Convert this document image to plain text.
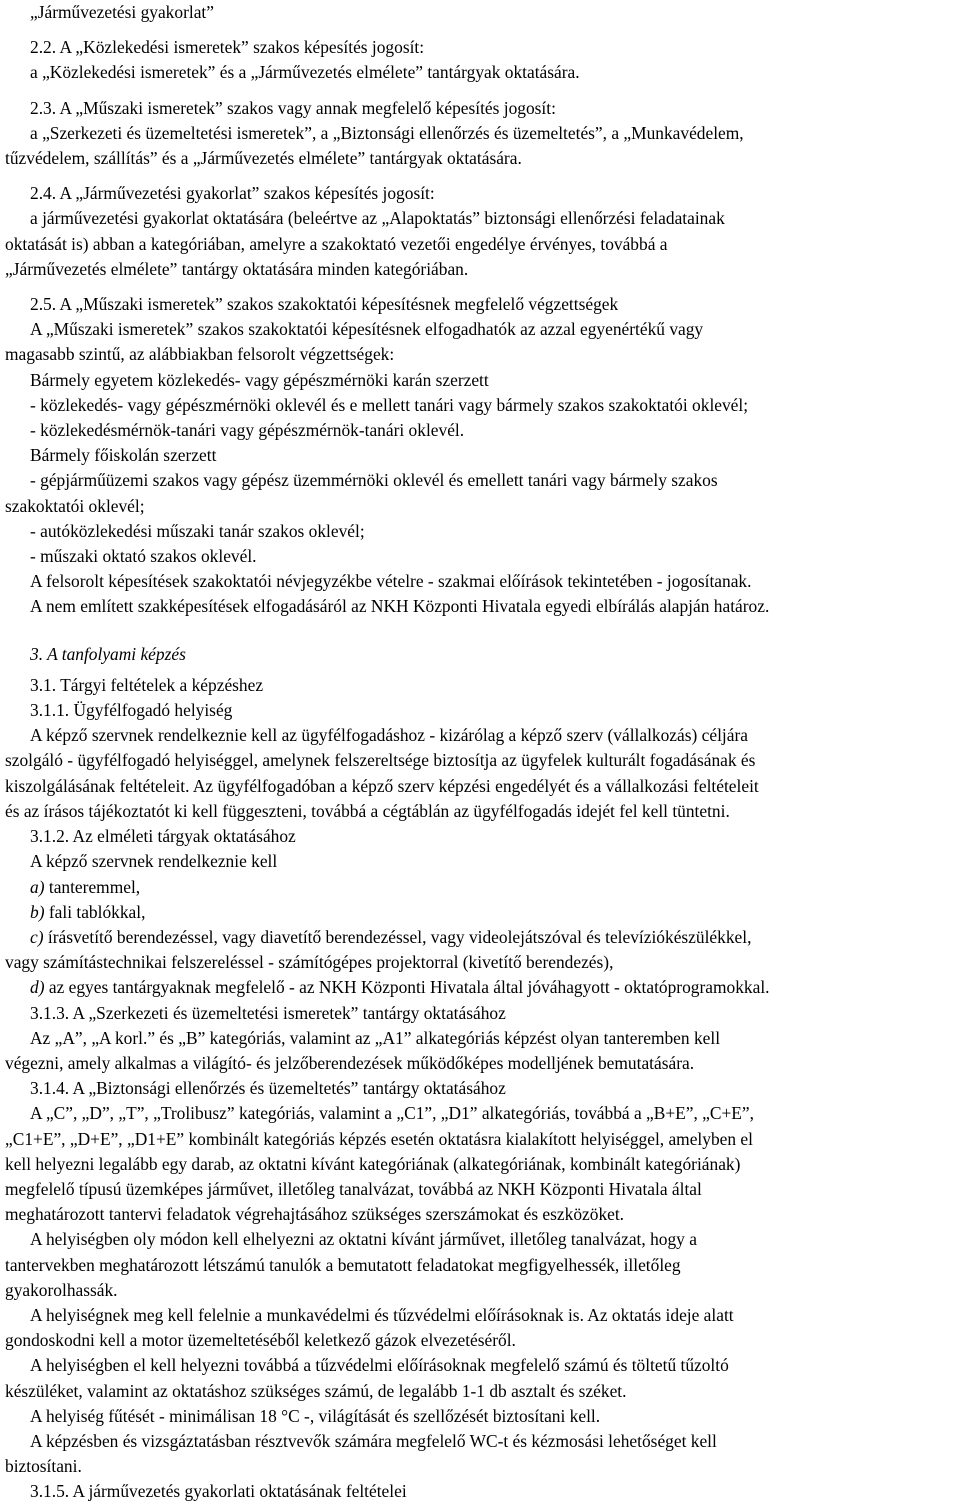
„Járművezetési gyakorlat”

2.2. A „Közlekedési ismeretek” szakos képesítés jogosít:

a „Közlekedési ismeretek” és a „Járművezetés elmélete” tantárgyak oktatására.

2.3. A „Műszaki ismeretek” szakos vagy annak megfelelő képesítés jogosít:

a „Szerkezeti és üzemeltetési ismeretek”, a „Biztonsági ellenőrzés és üzemeltetés”, a „Munkavédelem,

tűzvédelem, szállítás” és a „Járművezetés elmélete” tantárgyak oktatására.

2.4. A „Járművezetési gyakorlat” szakos képesítés jogosít:

a járművezetési gyakorlat oktatására (beleértve az „Alapoktatás” biztonsági ellenőrzési feladatainak

oktatását is) abban a kategóriában, amelyre a szakoktató vezetői engedélye érvényes, továbbá a

„Járművezetés elmélete” tantárgy oktatására minden kategóriában.

2.5. A „Műszaki ismeretek” szakos szakoktatói képesítésnek megfelelő végzettségek

A „Műszaki ismeretek” szakos szakoktatói képesítésnek elfogadhatók az azzal egyenértékű vagy

magasabb szintű, az alábbiakban felsorolt végzettségek:

Bármely egyetem közlekedés- vagy gépészmérnöki karán szerzett

- közlekedés- vagy gépészmérnöki oklevél és e mellett tanári vagy bármely szakos szakoktatói oklevél;

- közlekedésmérnök-tanári vagy gépészmérnök-tanári oklevél.

Bármely főiskolán szerzett

- gépjárműüzemi szakos vagy gépész üzemmérnöki oklevél és emellett tanári vagy bármely szakos

szakoktatói oklevél;

- autóközlekedési műszaki tanár szakos oklevél;

- műszaki oktató szakos oklevél.

A felsorolt képesítések szakoktatói névjegyzékbe vételre - szakmai előírások tekintetében - jogosítanak.

A nem említett szakképesítések elfogadásáról az NKH Központi Hivatala egyedi elbírálás alapján határoz.

3. A tanfolyami képzés

3.1. Tárgyi feltételek a képzéshez

3.1.1. Ügyfélfogadó helyiség

A képző szervnek rendelkeznie kell az ügyfélfogadáshoz - kizárólag a képző szerv (vállalkozás) céljára

szolgáló - ügyfélfogadó helyiséggel, amelynek felszereltsége biztosítja az ügyfelek kulturált fogadásának és

kiszolgálásának feltételeit. Az ügyfélfogadóban a képző szerv képzési engedélyét és a vállalkozási feltételeit

és az írásos tájékoztatót ki kell függeszteni, továbbá a cégtáblán az ügyfélfogadás idejét fel kell tüntetni.

3.1.2. Az elméleti tárgyak oktatásához

A képző szervnek rendelkeznie kell

a) tanteremmel,

b) fali tablókkal,

c) írásvetítő berendezéssel, vagy diavetítő berendezéssel, vagy videolejátszóval és televíziókészülékkel,

vagy számítástechnikai felszereléssel - számítógépes projektorral (kivetítő berendezés),

d) az egyes tantárgyaknak megfelelő - az NKH Központi Hivatala által jóváhagyott - oktatóprogramokkal.

3.1.3. A „Szerkezeti és üzemeltetési ismeretek” tantárgy oktatásához

Az „A”, „A korl.” és „B” kategóriás, valamint az „A1” alkategóriás képzést olyan tanteremben kell

végezni, amely alkalmas a világító- és jelzőberendezések működőképes modelljének bemutatására.

3.1.4. A „Biztonsági ellenőrzés és üzemeltetés” tantárgy oktatásához

A „C”, „D”, „T”, „Trolibusz” kategóriás, valamint a „C1”, „D1” alkategóriás, továbbá a „B+E”, „C+E”,

„C1+E”, „D+E”, „D1+E” kombinált kategóriás képzés esetén oktatásra kialakított helyiséggel, amelyben el

kell helyezni legalább egy darab, az oktatni kívánt kategóriának (alkategóriának, kombinált kategóriának)

megfelelő típusú üzemképes járművet, illetőleg tanalvázat, továbbá az NKH Központi Hivatala által

meghatározott tantervi feladatok végrehajtásához szükséges szerszámokat és eszközöket.

A helyiségben oly módon kell elhelyezni az oktatni kívánt járművet, illetőleg tanalvázat, hogy a

tantervekben meghatározott létszámú tanulók a bemutatott feladatokat megfigyelhessék, illetőleg

gyakorolhassák.

A helyiségnek meg kell felelnie a munkavédelmi és tűzvédelmi előírásoknak is. Az oktatás ideje alatt

gondoskodni kell a motor üzemeltetéséből keletkező gázok elvezetéséről.

A helyiségben el kell helyezni továbbá a tűzvédelmi előírásoknak megfelelő számú és töltetű tűzoltó

készüléket, valamint az oktatáshoz szükséges számú, de legalább 1-1 db asztalt és széket.

A helyiség fűtését - minimálisan 18 °C -, világítását és szellőzését biztosítani kell.

A képzésben és vizsgáztatásban résztvevők számára megfelelő WC-t és kézmosási lehetőséget kell

biztosítani.

3.1.5. A járművezetés gyakorlati oktatásának feltételei
